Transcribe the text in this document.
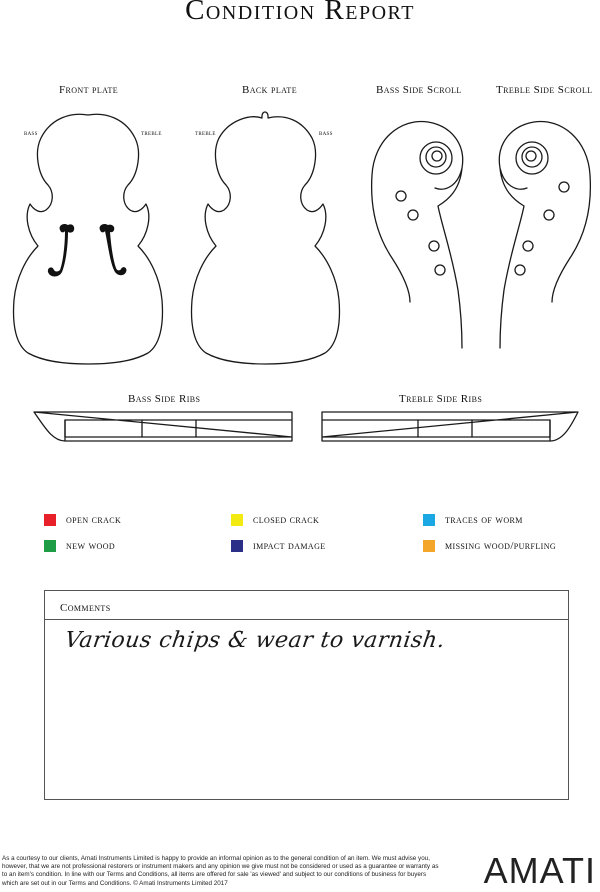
Condition Report
Front plate	Back plate	Bass Side Scroll	Treble Side Scroll
bass	treble	treble	bass
Bass Side Ribs	Treble Side Ribs
open crack	closed crack	traces of worm
new wood	impact damage	missing wood/purfling
Comments
Various chips & wear to varnish.
As a courtesy to our clients, Amati Instruments Limited is happy to provide an informal opinion as to the general condition of an item. We must advise you, however, that we are not professional restorers or instrument makers and any opinion we give must not be considered or used as a guarantee or warranty as to an item's condition. In line with our Terms and Conditions, all items are offered for sale 'as viewed' and subject to our conditions of business for buyers which are set out in our Terms and Conditions. © Amati Instruments Limited 2017	AMATI
